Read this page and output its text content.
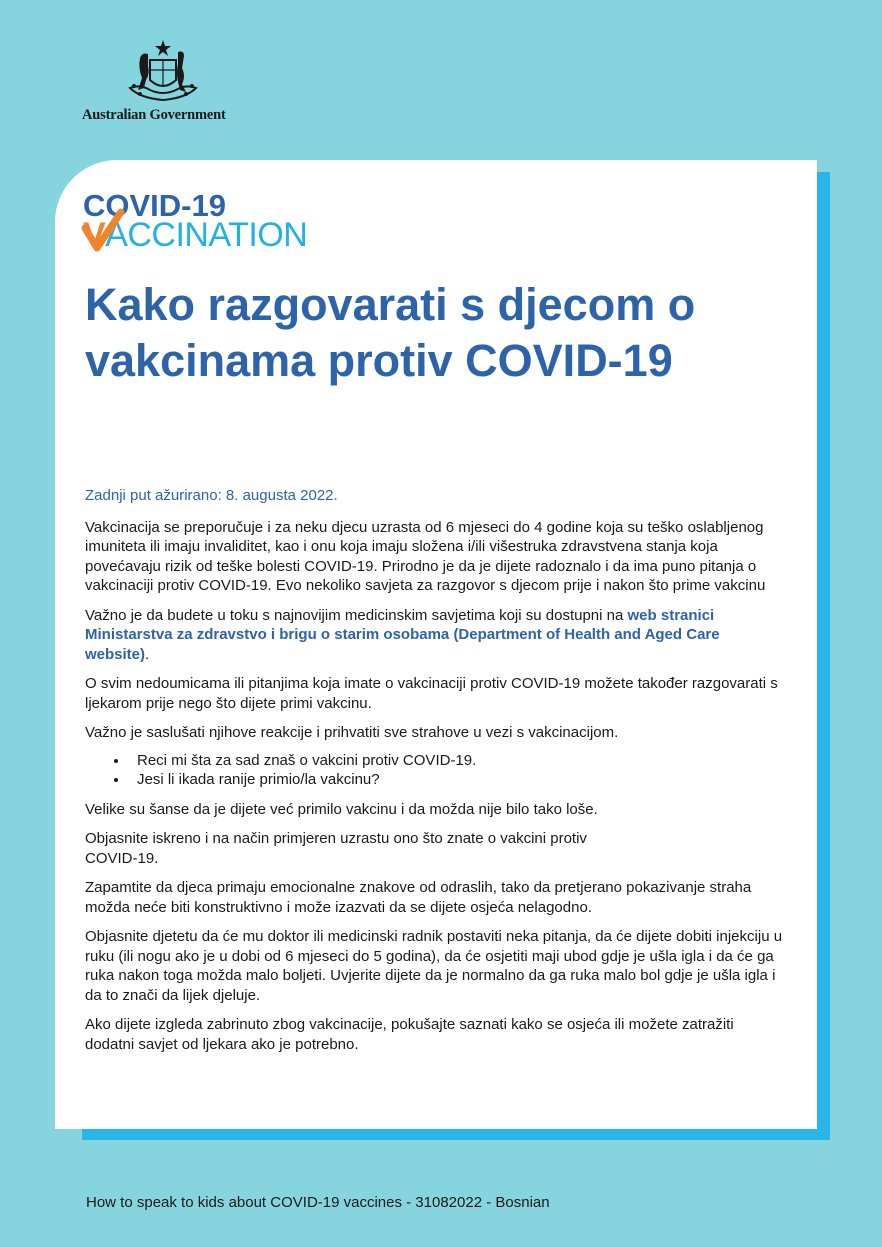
Australian Government
COVID-19
VACCINATION
Kako razgovarati s djecom o vakcinama protiv COVID-19

Zadnji put ažurirano: 8. augusta 2022.

Vakcinacija se preporučuje i za neku djecu uzrasta od 6 mjeseci do 4 godine koja su teško oslabljenog imuniteta ili imaju invaliditet, kao i onu koja imaju složena i/ili višestruka zdravstvena stanja koja povećavaju rizik od teške bolesti COVID-19. Prirodno je da je dijete radoznalo i da ima puno pitanja o vakcinaciji protiv COVID-19. Evo nekoliko savjeta za razgovor s djecom prije i nakon što prime vakcinu

Važno je da budete u toku s najnovijim medicinskim savjetima koji su dostupni na web stranici Ministarstva za zdravstvo i brigu o starim osobama (Department of Health and Aged Care website).

O svim nedoumicama ili pitanjima koja imate o vakcinaciji protiv COVID-19 možete također razgovarati s ljekarom prije nego što dijete primi vakcinu.

Važno je saslušati njihove reakcije i prihvatiti sve strahove u vezi s vakcinacijom.

• Reci mi šta za sad znaš o vakcini protiv COVID-19.
• Jesi li ikada ranije primio/la vakcinu?

Velike su šanse da je dijete već primilo vakcinu i da možda nije bilo tako loše.

Objasnite iskreno i na način primjeren uzrastu ono što znate o vakcini protiv
COVID-19.

Zapamtite da djeca primaju emocionalne znakove od odraslih, tako da pretjerano pokazivanje straha možda neće biti konstruktivno i može izazvati da se dijete osjeća nelagodno.

Objasnite djetetu da će mu doktor ili medicinski radnik postaviti neka pitanja, da će dijete dobiti injekciju u ruku (ili nogu ako je u dobi od 6 mjeseci do 5 godina), da će osjetiti maji ubod gdje je ušla igla i da će ga ruka nakon toga možda malo boljeti. Uvjerite dijete da je normalno da ga ruka malo bol gdje je ušla igla i da to znači da lijek djeluje.

Ako dijete izgleda zabrinuto zbog vakcinacije, pokušajte saznati kako se osjeća ili možete zatražiti dodatni savjet od ljekara ako je potrebno.

How to speak to kids about COVID-19 vaccines - 31082022 - Bosnian
